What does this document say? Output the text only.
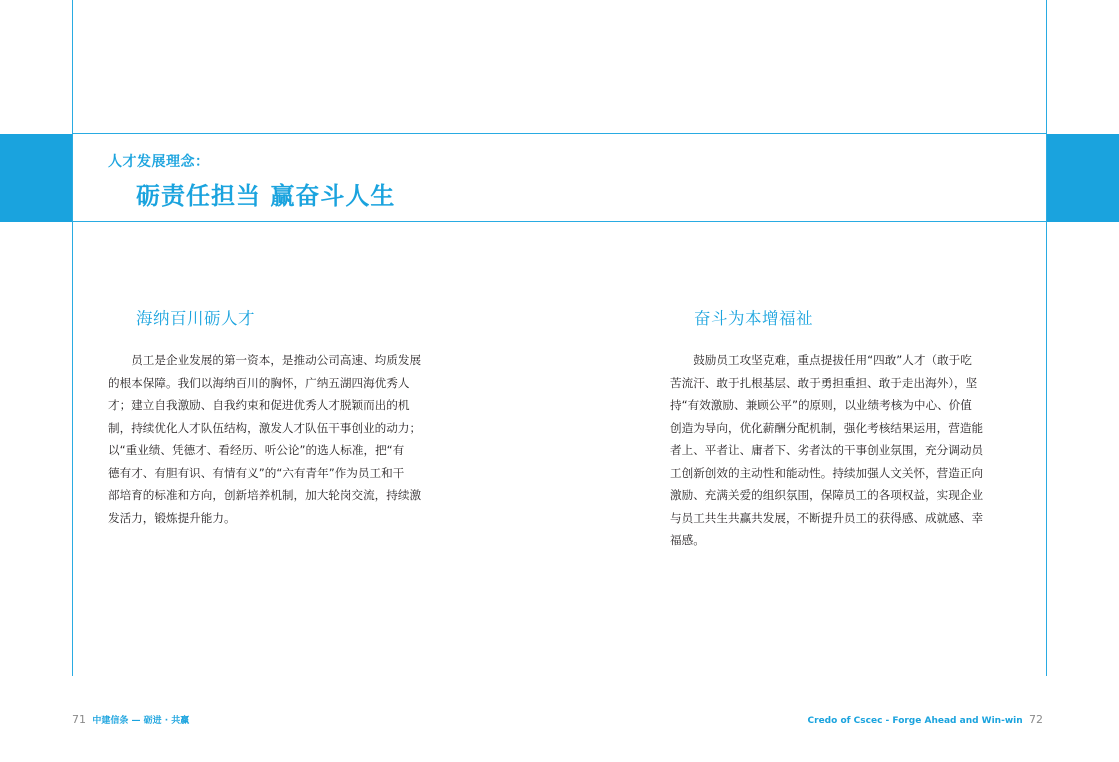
人才发展理念：
砺责任担当 赢奋斗人生
海纳百川砺人才

　　员工是企业发展的第一资本，是推动公司高速、均质发展
的根本保障。我们以海纳百川的胸怀，广纳五湖四海优秀人
才；建立自我激励、自我约束和促进优秀人才脱颖而出的机
制，持续优化人才队伍结构，激发人才队伍干事创业的动力；
以“重业绩、凭德才、看经历、听公论”的选人标准，把“有
德有才、有胆有识、有情有义”的“六有青年”作为员工和干
部培育的标准和方向，创新培养机制，加大轮岗交流，持续激
发活力，锻炼提升能力。

奋斗为本增福祉

　　鼓励员工攻坚克难，重点提拔任用“四敢”人才（敢于吃
苦流汗、敢于扎根基层、敢于勇担重担、敢于走出海外），坚
持“有效激励、兼顾公平”的原则，以业绩考核为中心、价值
创造为导向，优化薪酬分配机制，强化考核结果运用，营造能
者上、平者让、庸者下、劣者汰的干事创业氛围，充分调动员
工创新创效的主动性和能动性。持续加强人文关怀，营造正向
激励、充满关爱的组织氛围，保障员工的各项权益，实现企业
与员工共生共赢共发展，不断提升员工的获得感、成就感、幸
福感。

71 中建信条 — 砺进 · 共赢	Credo of Cscec - Forge Ahead and Win-win 72
